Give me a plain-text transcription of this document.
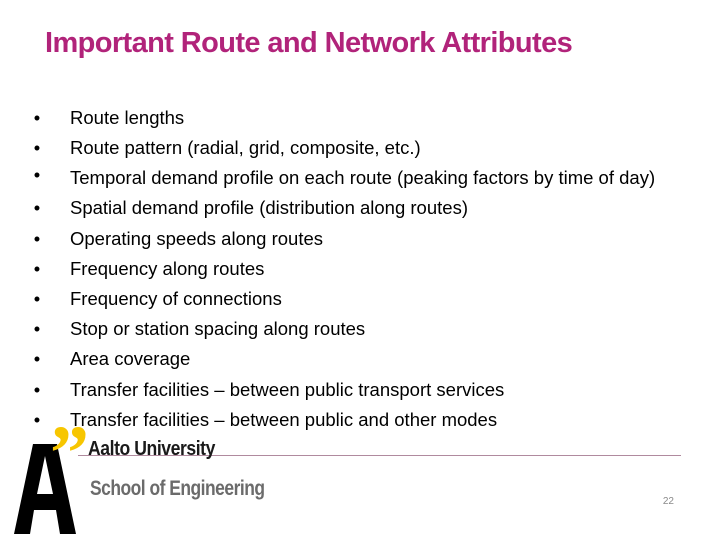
Important Route and Network Attributes
• Route lengths
• Route pattern (radial, grid, composite, etc.)
• Temporal demand profile on each route (peaking factors by time of day)
• Spatial demand profile (distribution along routes)
• Operating speeds along routes
• Frequency along routes
• Frequency of connections
• Stop or station spacing along routes
• Area coverage
• Transfer facilities – between public transport services
• Transfer facilities – between public and other modes
” Aalto University
School of Engineering
22
